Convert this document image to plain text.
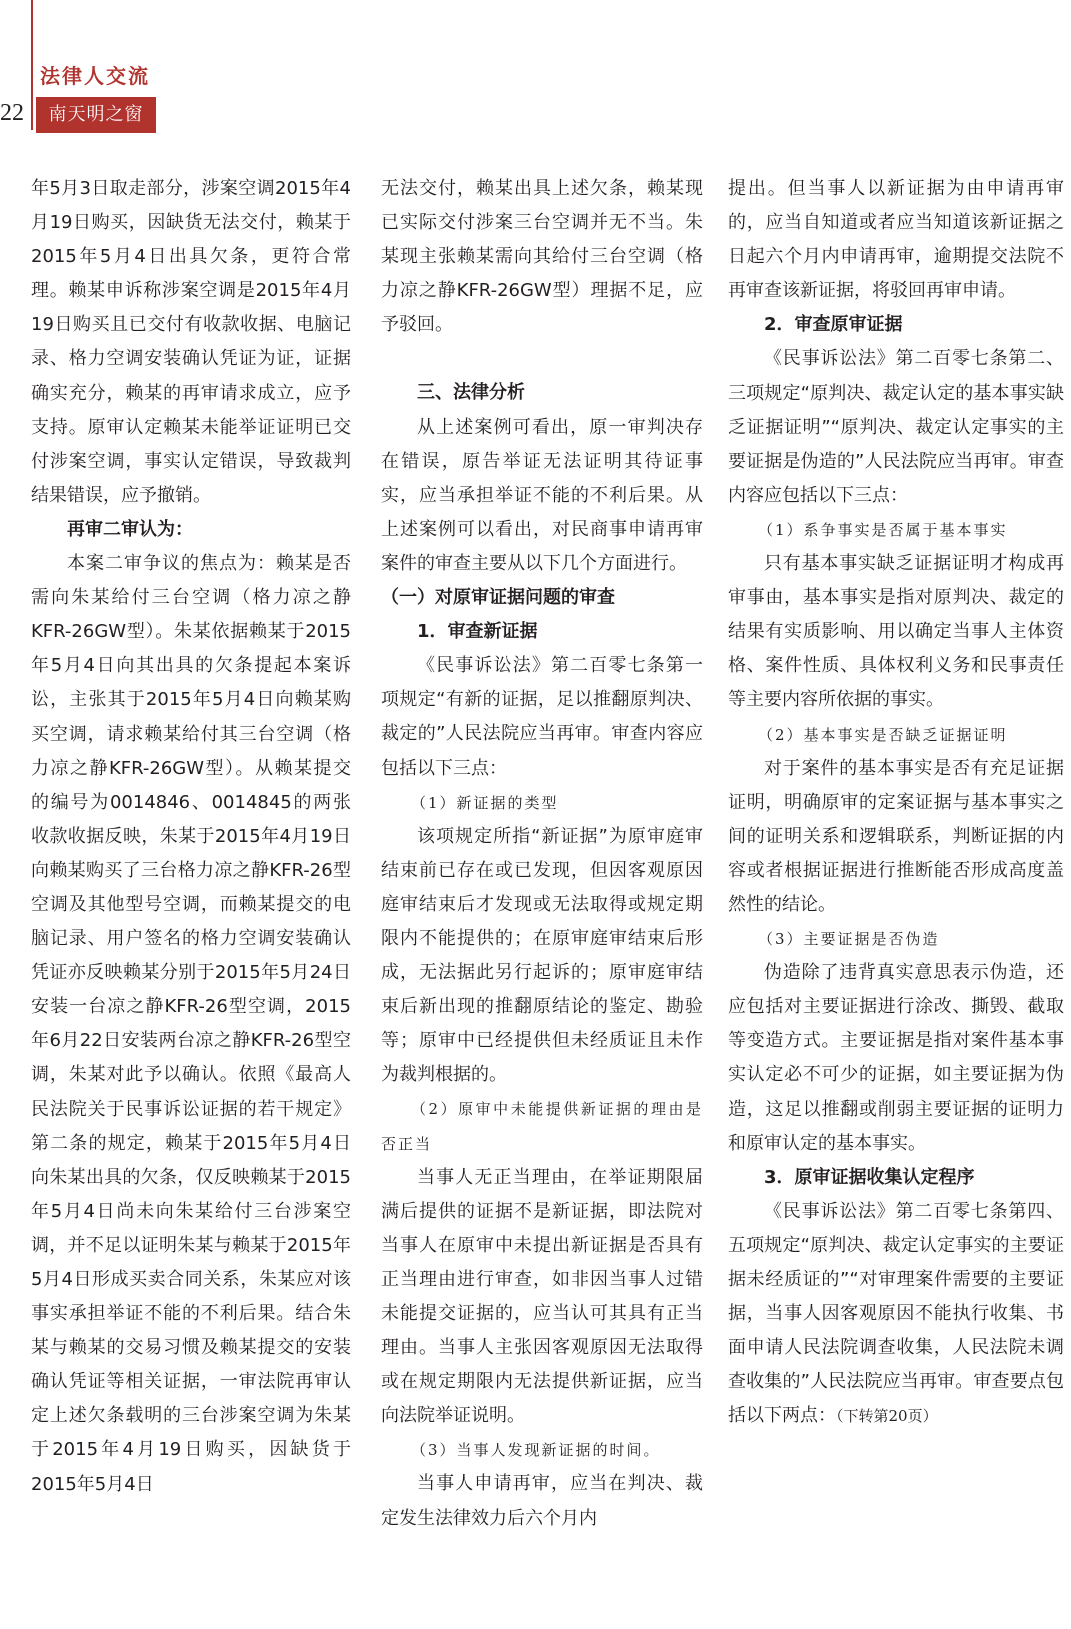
22
法律人交流
南天明之窗

年5月3日取走部分，涉案空调2015年4月19日购买，因缺货无法交付，赖某于2015年5月4日出具欠条，更符合常理。赖某申诉称涉案空调是2015年4月19日购买且已交付有收款收据、电脑记录、格力空调安装确认凭证为证，证据确实充分，赖某的再审请求成立，应予支持。原审认定赖某未能举证证明已交付涉案空调，事实认定错误，导致裁判结果错误，应予撤销。

再审二审认为：

本案二审争议的焦点为：赖某是否需向朱某给付三台空调（格力凉之静KFR-26GW型）。朱某依据赖某于2015年5月4日向其出具的欠条提起本案诉讼，主张其于2015年5月4日向赖某购买空调，请求赖某给付其三台空调（格力凉之静KFR-26GW型）。从赖某提交的编号为0014846、0014845的两张收款收据反映，朱某于2015年4月19日向赖某购买了三台格力凉之静KFR-26型空调及其他型号空调，而赖某提交的电脑记录、用户签名的格力空调安装确认凭证亦反映赖某分别于2015年5月24日安装一台凉之静KFR-26型空调，2015年6月22日安装两台凉之静KFR-26型空调，朱某对此予以确认。依照《最高人民法院关于民事诉讼证据的若干规定》第二条的规定，赖某于2015年5月4日向朱某出具的欠条，仅反映赖某于2015年5月4日尚未向朱某给付三台涉案空调，并不足以证明朱某与赖某于2015年5月4日形成买卖合同关系，朱某应对该事实承担举证不能的不利后果。结合朱某与赖某的交易习惯及赖某提交的安装确认凭证等相关证据，一审法院再审认定上述欠条载明的三台涉案空调为朱某于2015年4月19日购买，因缺货于2015年5月4日

无法交付，赖某出具上述欠条，赖某现已实际交付涉案三台空调并无不当。朱某现主张赖某需向其给付三台空调（格力凉之静KFR-26GW型）理据不足，应予驳回。

三、法律分析

从上述案例可看出，原一审判决存在错误，原告举证无法证明其待证事实，应当承担举证不能的不利后果。从上述案例可以看出，对民商事申请再审案件的审查主要从以下几个方面进行。

（一）对原审证据问题的审查

1．审查新证据

《民事诉讼法》第二百零七条第一项规定“有新的证据，足以推翻原判决、裁定的”人民法院应当再审。审查内容应包括以下三点：

（1）新证据的类型

该项规定所指“新证据”为原审庭审结束前已存在或已发现，但因客观原因庭审结束后才发现或无法取得或规定期限内不能提供的；在原审庭审结束后形成，无法据此另行起诉的；原审庭审结束后新出现的推翻原结论的鉴定、勘验等；原审中已经提供但未经质证且未作为裁判根据的。

（2）原审中未能提供新证据的理由是否正当

当事人无正当理由，在举证期限届满后提供的证据不是新证据，即法院对当事人在原审中未提出新证据是否具有正当理由进行审查，如非因当事人过错未能提交证据的，应当认可其具有正当理由。当事人主张因客观原因无法取得或在规定期限内无法提供新证据，应当向法院举证说明。

（3）当事人发现新证据的时间。

当事人申请再审，应当在判决、裁定发生法律效力后六个月内

提出。但当事人以新证据为由申请再审的，应当自知道或者应当知道该新证据之日起六个月内申请再审，逾期提交法院不再审查该新证据，将驳回再审申请。

2．审查原审证据

《民事诉讼法》第二百零七条第二、三项规定“原判决、裁定认定的基本事实缺乏证据证明”“原判决、裁定认定事实的主要证据是伪造的”人民法院应当再审。审查内容应包括以下三点：

（1）系争事实是否属于基本事实

只有基本事实缺乏证据证明才构成再审事由，基本事实是指对原判决、裁定的结果有实质影响、用以确定当事人主体资格、案件性质、具体权利义务和民事责任等主要内容所依据的事实。

（2）基本事实是否缺乏证据证明

对于案件的基本事实是否有充足证据证明，明确原审的定案证据与基本事实之间的证明关系和逻辑联系，判断证据的内容或者根据证据进行推断能否形成高度盖然性的结论。

（3）主要证据是否伪造

伪造除了违背真实意思表示伪造，还应包括对主要证据进行涂改、撕毁、截取等变造方式。主要证据是指对案件基本事实认定必不可少的证据，如主要证据为伪造，这足以推翻或削弱主要证据的证明力和原审认定的基本事实。

3．原审证据收集认定程序

《民事诉讼法》第二百零七条第四、五项规定“原判决、裁定认定事实的主要证据未经质证的”“对审理案件需要的主要证据，当事人因客观原因不能执行收集、书面申请人民法院调查收集，人民法院未调查收集的”人民法院应当再审。审查要点包括以下两点：（下转第20页）
